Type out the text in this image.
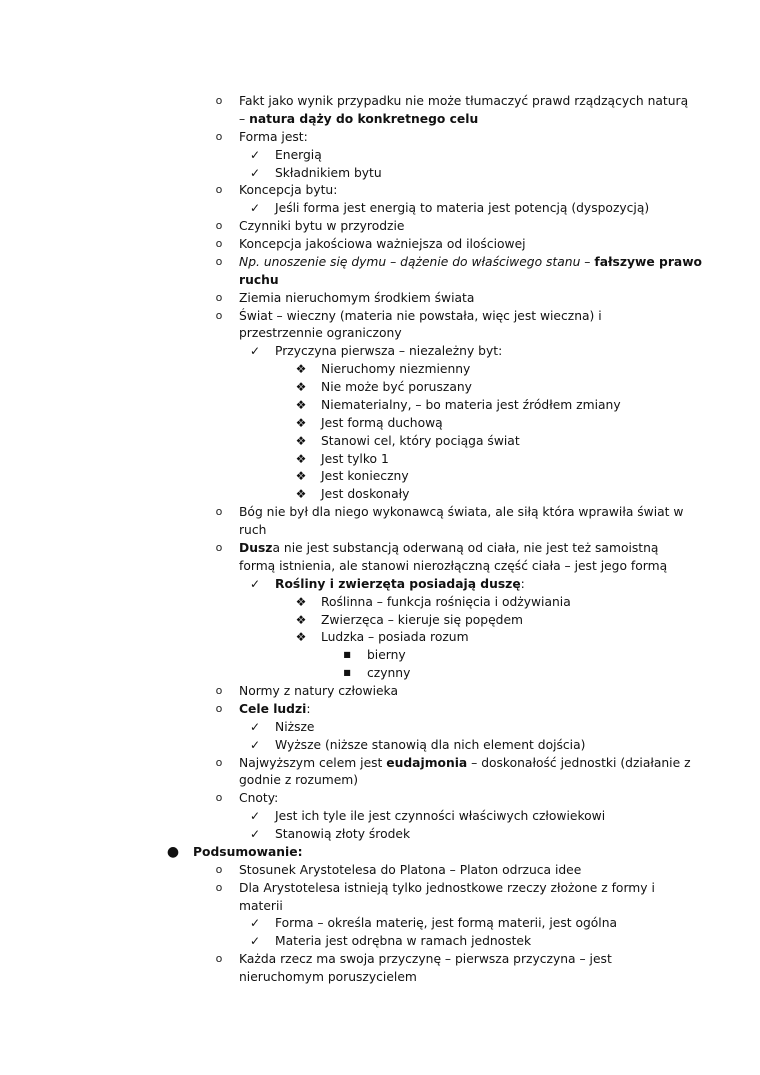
o Fakt jako wynik przypadku nie może tłumaczyć prawd rządzących naturą
– natura dąży do konkretnego celu
o Forma jest:
✓ Energią
✓ Składnikiem bytu
o Koncepcja bytu:
✓ Jeśli forma jest energią to materia jest potencją (dyspozycją)
o Czynniki bytu w przyrodzie
o Koncepcja jakościowa ważniejsza od ilościowej
o Np. unoszenie się dymu – dążenie do właściwego stanu – fałszywe prawo
ruchu
o Ziemia nieruchomym środkiem świata
o Świat – wieczny (materia nie powstała, więc jest wieczna) i
przestrzennie ograniczony
✓ Przyczyna pierwsza – niezależny byt:
❖ Nieruchomy niezmienny
❖ Nie może być poruszany
❖ Niematerialny, – bo materia jest źródłem zmiany
❖ Jest formą duchową
❖ Stanowi cel, który pociąga świat
❖ Jest tylko 1
❖ Jest konieczny
❖ Jest doskonały
o Bóg nie był dla niego wykonawcą świata, ale siłą która wprawiła świat w
ruch
o Dusza nie jest substancją oderwaną od ciała, nie jest też samoistną
formą istnienia, ale stanowi nierozłączną część ciała – jest jego formą
✓ Rośliny i zwierzęta posiadają duszę:
❖ Roślinna – funkcja rośnięcia i odżywiania
❖ Zwierzęca – kieruje się popędem
❖ Ludzka – posiada rozum
■ bierny
■ czynny
o Normy z natury człowieka
o Cele ludzi:
✓ Niższe
✓ Wyższe (niższe stanowią dla nich element dojścia)
o Najwyższym celem jest eudajmonia – doskonałość jednostki (działanie z
godnie z rozumem)
o Cnoty:
✓ Jest ich tyle ile jest czynności właściwych człowiekowi
✓ Stanowią złoty środek
● Podsumowanie:
o Stosunek Arystotelesa do Platona – Platon odrzuca idee
o Dla Arystotelesa istnieją tylko jednostkowe rzeczy złożone z formy i
materii
✓ Forma – określa materię, jest formą materii, jest ogólna
✓ Materia jest odrębna w ramach jednostek
o Każda rzecz ma swoja przyczynę – pierwsza przyczyna – jest
nieruchomym poruszycielem
